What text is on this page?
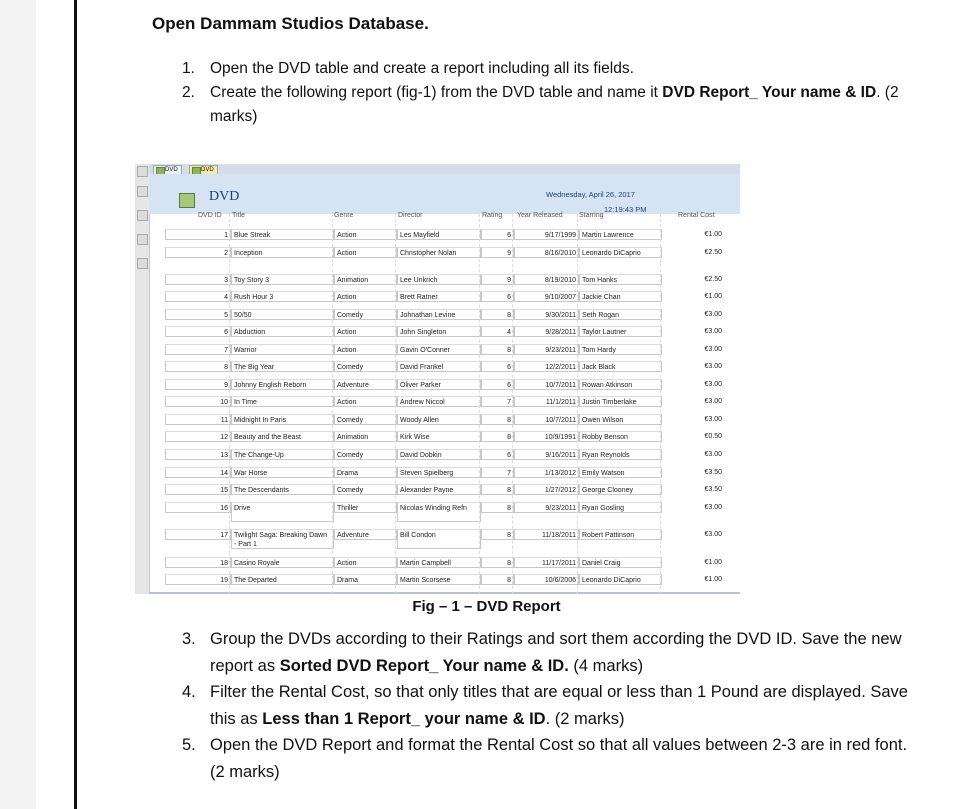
Open Dammam Studios Database.
1. Open the DVD table and create a report including all its fields.
2. Create the following report (fig-1) from the DVD table and name it DVD Report_ Your name & ID. (2 marks)
DVD	DVD
DVD	Wednesday, April 26, 2017
12:19:43 PM
DVD ID Title	Genre	Director	Rating Year Released Starring	Rental Cost
1 Blue Streak	Action	Les Mayfield	6	9/17/1999 Martin Lawrence	€1.00
2 Inception	Action	Christopher Nolan	9	8/16/2010 Leonardo DiCaprio	€2.50
3 Toy Story 3	Animation	Lee Unkrich	9	8/19/2010 Tom Hanks	€2.50
4 Rush Hour 3	Action	Brett Ratner	6	9/10/2007 Jackie Chan	€1.00
5 50/50	Comedy	Johnathan Levine	8	9/30/2011 Seth Rogan	€3.00
6 Abduction	Action	John Singleton	4	9/28/2011 Taylor Lautner	€3.00
7 Warrior	Action	Gavin O'Conner	8	9/23/2011 Tom Hardy	€3.00
8 The Big Year	Comedy	David Frankel	6	12/2/2011 Jack Black	€3.00
9 Johnny English Reborn	Adventure	Oliver Parker	6	10/7/2011 Rowan Atkinson	€3.00
10 In Time	Action	Andrew Niccol	7	11/1/2011 Justin Timberlake	€3.00
11 Midnight In Paris	Comedy	Woody Allen	8	10/7/2011 Owen Wilson	€3.00
12 Beauty and the Beast	Animation	Kirk Wise	8	10/9/1991 Robby Benson	€0.50
13 The Change-Up	Comedy	David Dobkin	6	9/16/2011 Ryan Reynolds	€3.00
14 War Horse	Drama	Steven Spielberg	7	1/13/2012 Emily Watson	€3.50
15 The Descendants	Comedy	Alexander Payne	8	1/27/2012 George Clooney	€3.50
16 Drive	Thriller	Nicolas Winding Refn	8	9/23/2011 Ryan Gosling	€3.00
17 Twilight Saga: Breaking Dawn - Part 1
Adventure	Bill Condon	8	11/18/2011 Robert Pattinson	€3.00
18 Casino Royale	Action	Martin Campbell	8	11/17/2011 Daniel Craig	€1.00
19 The Departed	Drama	Martin Scorsese	8	10/6/2006 Leonardo DiCaprio	€1.00
Fig – 1 – DVD Report
3. Group the DVDs according to their Ratings and sort them according the DVD ID. Save the new report as Sorted DVD Report_ Your name & ID. (4 marks)
4. Filter the Rental Cost, so that only titles that are equal or less than 1 Pound are displayed. Save this as Less than 1 Report_ your name & ID. (2 marks)
5. Open the DVD Report and format the Rental Cost so that all values between 2-3 are in red font. (2 marks)
